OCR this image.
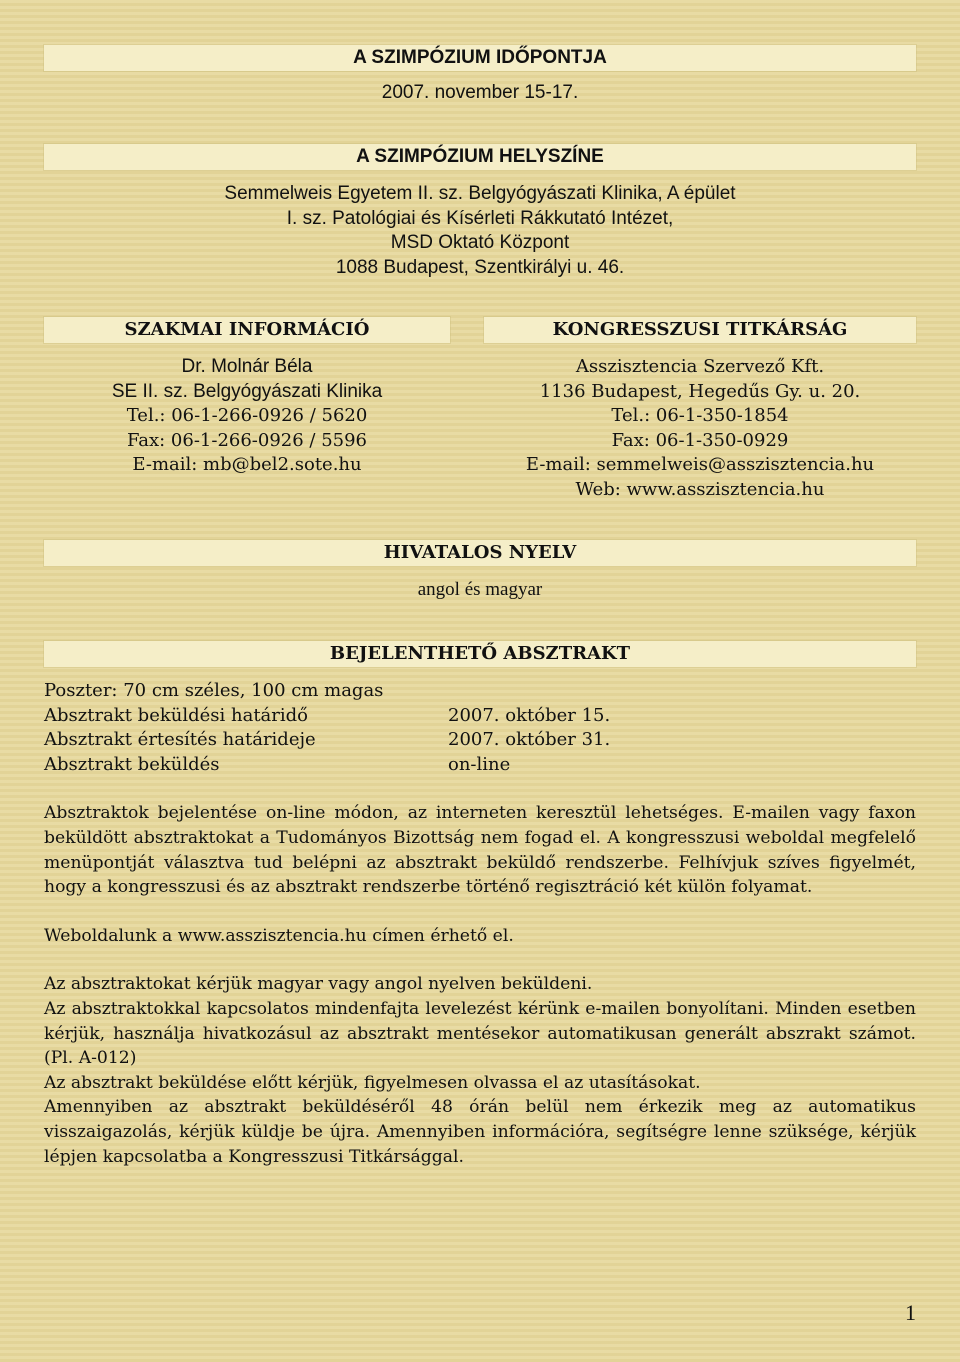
A SZIMPÓZIUM IDŐPONTJA
2007. november 15-17.
A SZIMPÓZIUM HELYSZÍNE
Semmelweis Egyetem II. sz. Belgyógyászati Klinika, A épület
I. sz. Patológiai és Kísérleti Rákkutató Intézet,
MSD Oktató Központ
1088 Budapest, Szentkirályi u. 46.
SZAKMAI INFORMÁCIÓ
Dr. Molnár Béla
SE II. sz. Belgyógyászati Klinika
Tel.: 06-1-266-0926 / 5620
Fax: 06-1-266-0926 / 5596
E-mail: mb@bel2.sote.hu
KONGRESSZUSI TITKÁRSÁG
Asszisztencia Szervező Kft.
1136 Budapest, Hegedűs Gy. u. 20.
Tel.: 06-1-350-1854
Fax: 06-1-350-0929
E-mail: semmelweis@asszisztencia.hu
Web: www.asszisztencia.hu
HIVATALOS NYELV
angol és magyar
BEJELENTHETŐ ABSZTRAKT
Poszter: 70 cm széles, 100 cm magas
Absztrakt beküldési határidő	2007. október 15.
Absztrakt értesítés határideje	2007. október 31.
Absztrakt beküldés	on-line
Absztraktok bejelentése on-line módon, az interneten keresztül lehetséges. E-mailen vagy faxon beküldött absztraktokat a Tudományos Bizottság nem fogad el. A kongresszusi weboldal megfelelő menüpontját választva tud belépni az absztrakt beküldő rendszerbe. Felhívjuk szíves figyelmét, hogy a kongresszusi és az absztrakt rendszerbe történő regisztráció két külön folyamat.
Weboldalunk a www.asszisztencia.hu címen érhető el.
Az absztraktokat kérjük magyar vagy angol nyelven beküldeni.
Az absztraktokkal kapcsolatos mindenfajta levelezést kérünk e-mailen bonyolítani. Minden esetben kérjük, használja hivatkozásul az absztrakt mentésekor automatikusan generált abszrakt számot. (Pl. A-012)
Az absztrakt beküldése előtt kérjük, figyelmesen olvassa el az utasításokat.
Amennyiben az absztrakt beküldéséről 48 órán belül nem érkezik meg az automatikus visszaigazolás, kérjük küldje be újra. Amennyiben információra, segítségre lenne szüksége, kérjük lépjen kapcsolatba a Kongresszusi Titkársággal.
1
